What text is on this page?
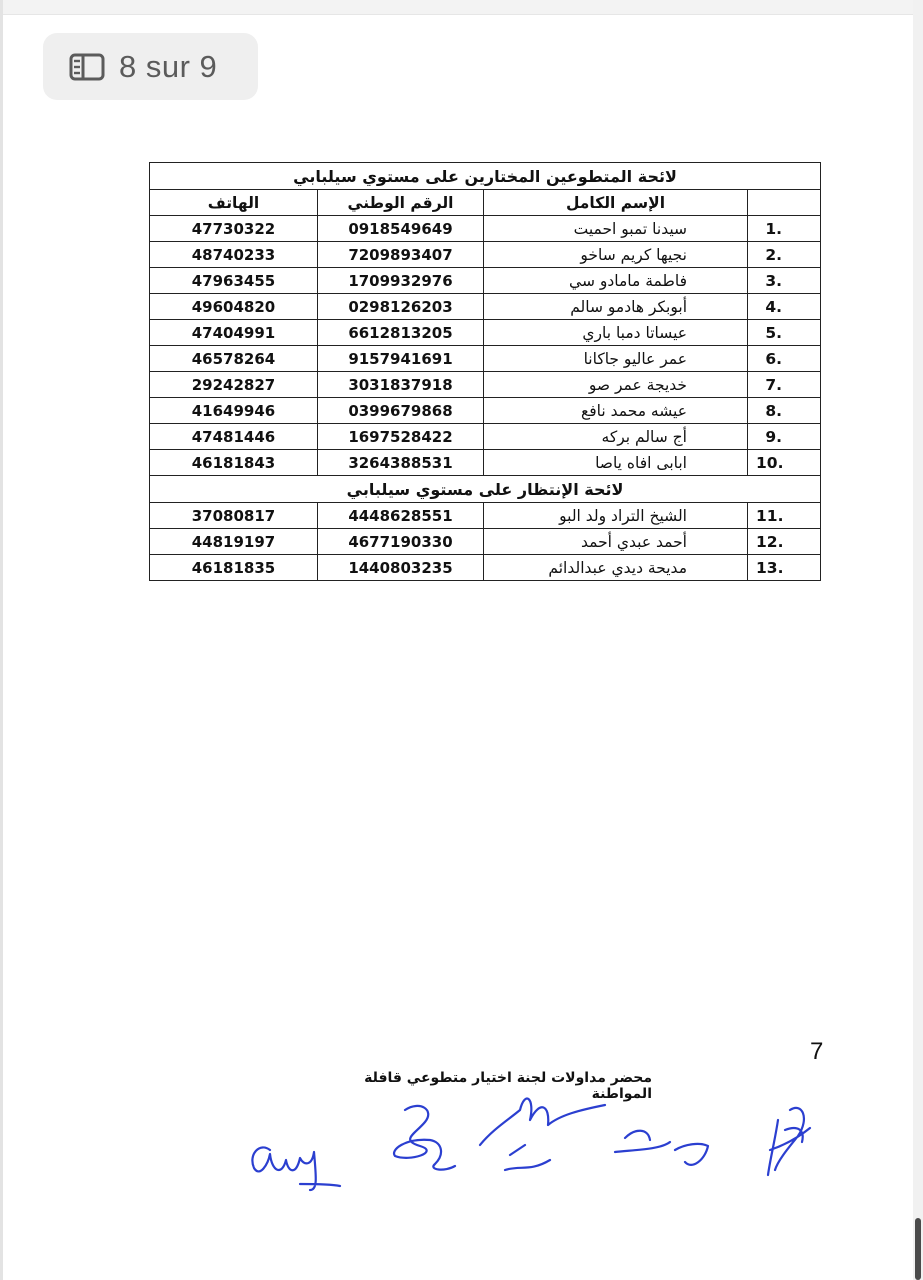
8 sur 9
لائحة المتطوعين المختارين على مستوي سيلبابي			
الهاتف	الرقم الوطني	الإسم الكامل	
47730322	0918549649	سيدنا تمبو احميت	1.
48740233	7209893407	نجيها كريم ساخو	2.
47963455	1709932976	فاطمة مامادو سي	3.
49604820	0298126203	أبوبكر هادمو سالم	4.
47404991	6612813205	عيساتا دمبا باري	5.
46578264	9157941691	عمر عاليو جاكانا	6.
29242827	3031837918	خديجة عمر صو	7.
41649946	0399679868	عيشه محمد نافع	8.
47481446	1697528422	أج سالم بركه	9.
46181843	3264388531	ابابى افاه ياصا	10.
لائحة الإنتظار على مستوي سيلبابي			
37080817	4448628551	الشيخ التراد ولد البو	11.
44819197	4677190330	أحمد عبدي أحمد	12.
46181835	1440803235	مديحة ديدي عبدالدائم	13.
7
محضر مداولات لجنة اختيار متطوعي قافلة المواطنة
